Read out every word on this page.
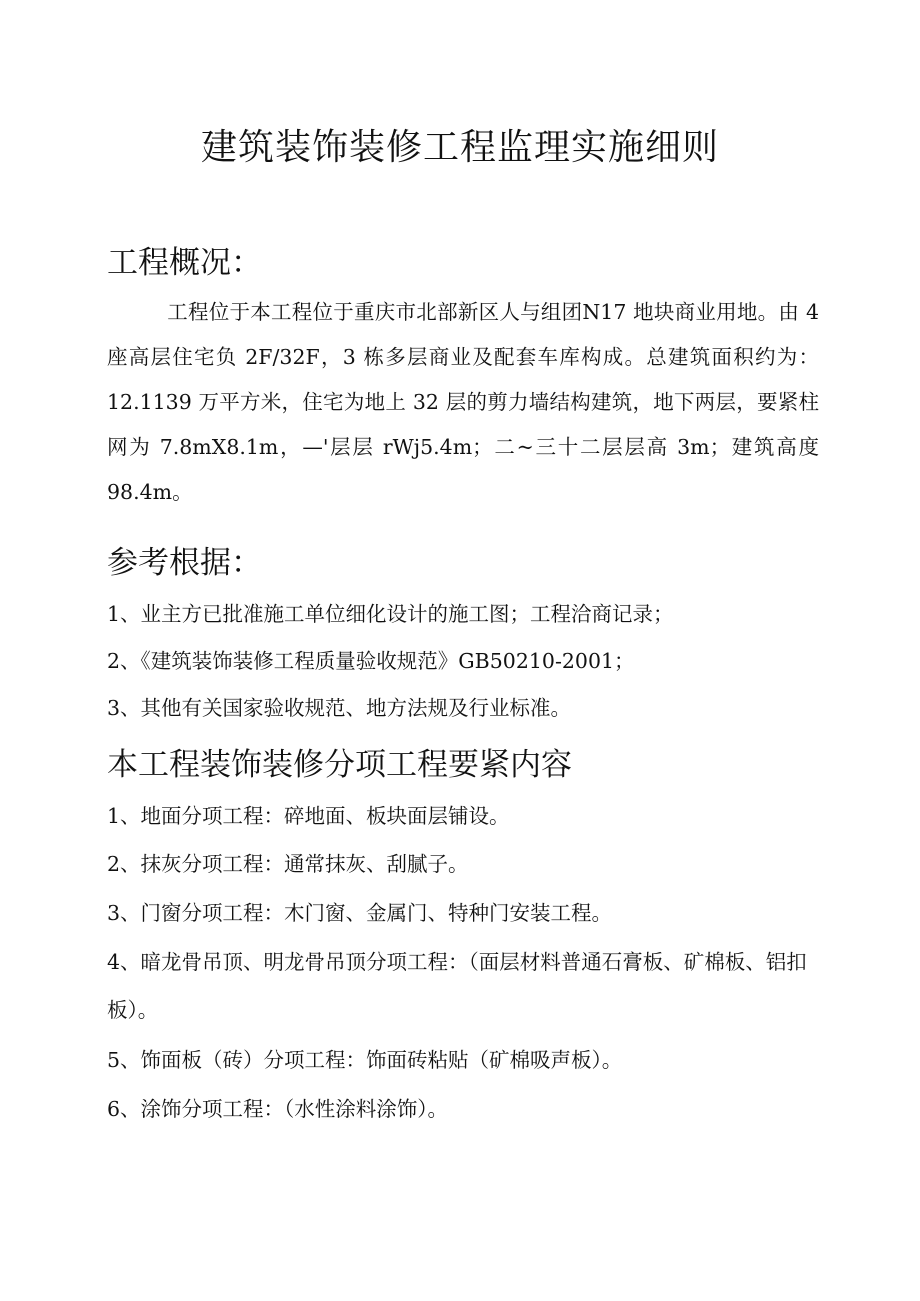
建筑装饰装修工程监理实施细则
工程概况：

工程位于本工程位于重庆市北部新区人与组团N17 地块商业用地。由 4 座高层住宅负 2F/32F，3 栋多层商业及配套车库构成。总建筑面积约为：12.1139 万平方米，住宅为地上 32 层的剪力墙结构建筑，地下两层，要紧柱网为 7.8mX8.1m，—'层层 rWj5.4m；二~三十二层层高 3m；建筑高度 98.4m。

参考根据：

1、业主方已批准施工单位细化设计的施工图；工程洽商记录；

2、《建筑装饰装修工程质量验收规范》GB50210-2001；

3、其他有关国家验收规范、地方法规及行业标准。

本工程装饰装修分项工程要紧内容

1、地面分项工程：碎地面、板块面层铺设。

2、抹灰分项工程：通常抹灰、刮腻子。

3、门窗分项工程：木门窗、金属门、特种门安装工程。

4、暗龙骨吊顶、明龙骨吊顶分项工程：（面层材料普通石膏板、矿棉板、铝扣板）。

5、饰面板（砖）分项工程：饰面砖粘贴（矿棉吸声板）。

6、涂饰分项工程：（水性涂料涂饰）。
